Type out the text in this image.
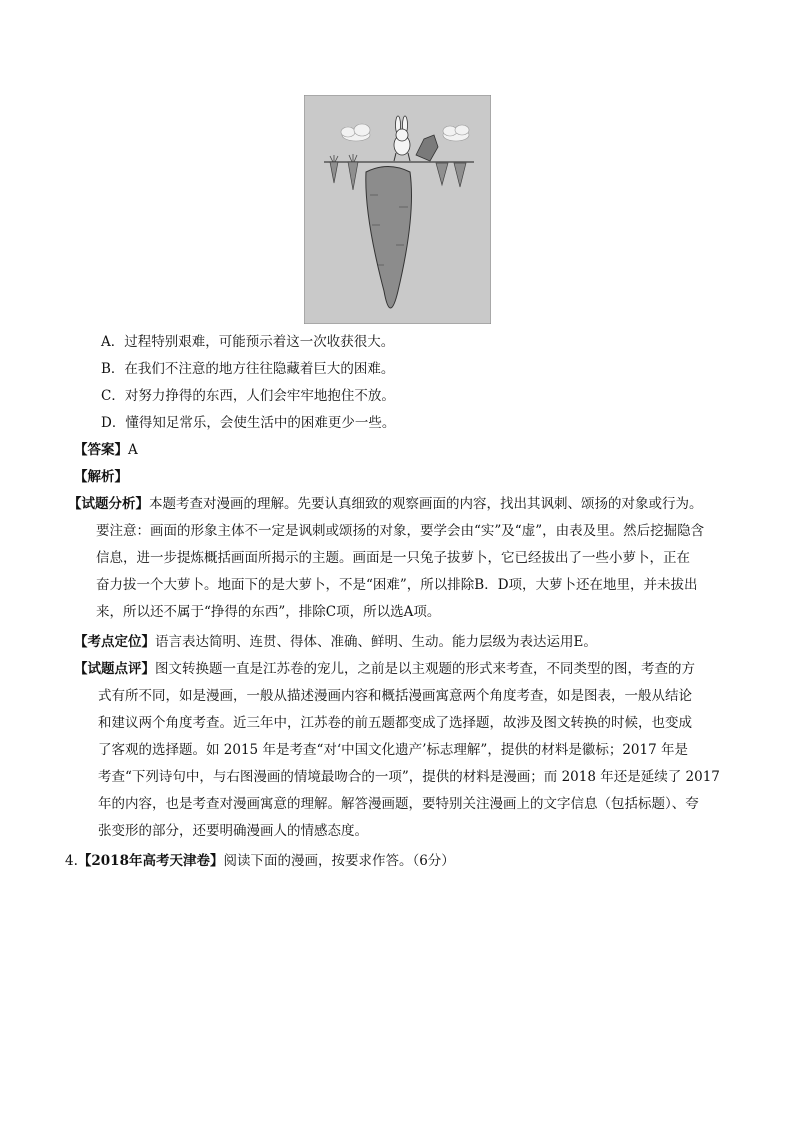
A．过程特别艰难，可能预示着这一次收获很大。
B．在我们不注意的地方往往隐藏着巨大的困难。
C．对努力挣得的东西，人们会牢牢地抱住不放。
D．懂得知足常乐，会使生活中的困难更少一些。
【答案】A
【解析】
【试题分析】本题考查对漫画的理解。先要认真细致的观察画面的内容，找出其讽刺、颂扬的对象或行为。
要注意：画面的形象主体不一定是讽刺或颂扬的对象，要学会由“实”及“虚”，由表及里。然后挖掘隐含
信息，进一步提炼概括画面所揭示的主题。画面是一只兔子拔萝卜，它已经拔出了一些小萝卜，正在
奋力拔一个大萝卜。地面下的是大萝卜，不是“困难”，所以排除B．D项，大萝卜还在地里，并未拔出
来，所以还不属于“挣得的东西”，排除C项，所以选A项。
【考点定位】语言表达简明、连贯、得体、准确、鲜明、生动。能力层级为表达运用E。
【试题点评】图文转换题一直是江苏卷的宠儿，之前是以主观题的形式来考查，不同类型的图，考查的方
式有所不同，如是漫画，一般从描述漫画内容和概括漫画寓意两个角度考查，如是图表，一般从结论
和建议两个角度考查。近三年中，江苏卷的前五题都变成了选择题，故涉及图文转换的时候，也变成
了客观的选择题。如 2015 年是考查“对‘中国文化遗产’标志理解”，提供的材料是徽标；2017 年是
考查“下列诗句中，与右图漫画的情境最吻合的一项”，提供的材料是漫画；而 2018 年还是延续了 2017
年的内容，也是考查对漫画寓意的理解。解答漫画题，要特别关注漫画上的文字信息（包括标题）、夸
张变形的部分，还要明确漫画人的情感态度。
4.【2018年高考天津卷】阅读下面的漫画，按要求作答。（6分）
